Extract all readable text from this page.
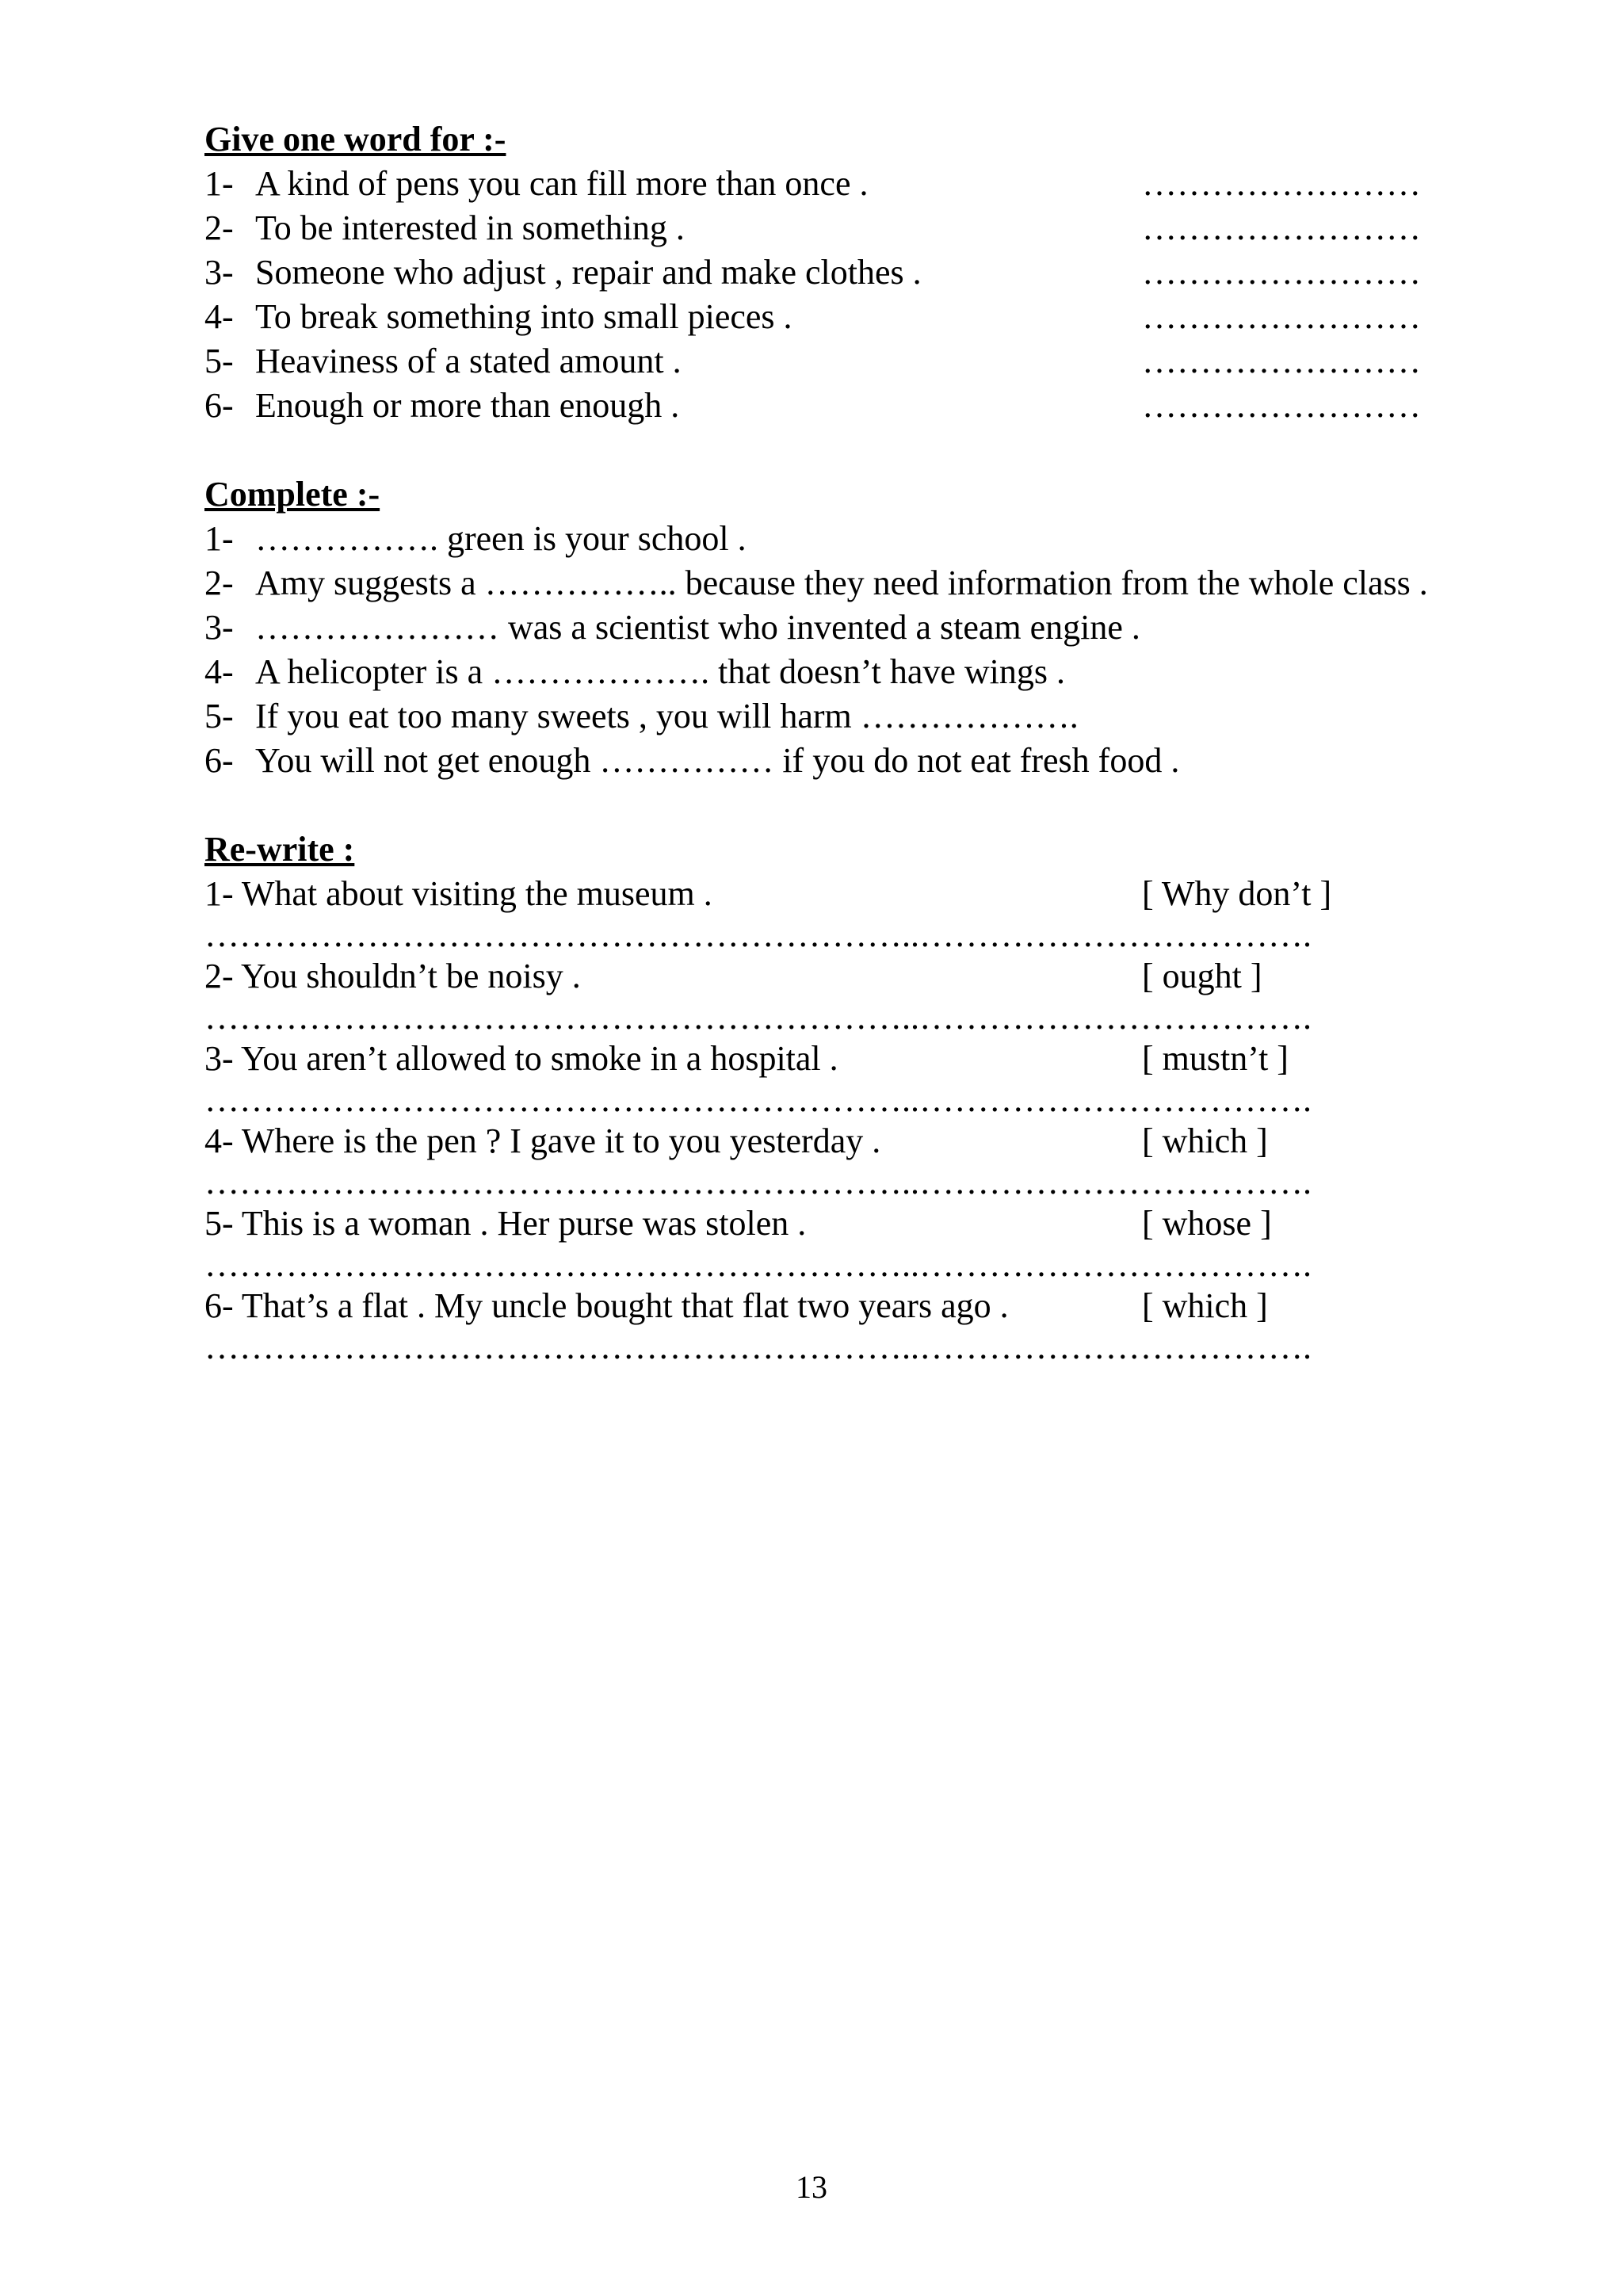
Give one word for :-
1- A kind of pens you can fill more than once .	……………………
2- To be interested in something .	……………………
3- Someone who adjust , repair and make clothes .	……………………
4- To break something into small pieces .	……………………
5- Heaviness of a stated amount .	……………………
6- Enough or more than enough .	……………………
Complete :-
1- ……………. green is your school .
2- Amy suggests a …………….. because they need information from the whole class .
3- ………………… was a scientist who invented a steam engine .
4- A helicopter is a ………………. that doesn’t have wings .
5- If you eat too many sweets , you will harm ……………….
6- You will not get enough …………… if you do not eat fresh food .
Re-write :
1- What about visiting the museum .	[ Why don’t ]
……………………………………………………..…………………………….
2- You shouldn’t be noisy .	[ ought ]
……………………………………………………..…………………………….
3- You aren’t allowed to smoke in a hospital .	[ mustn’t ]
……………………………………………………..…………………………….
4- Where is the pen ? I gave it to you yesterday .	[ which ]
……………………………………………………..…………………………….
5- This is a woman . Her purse was stolen .	[ whose ]
……………………………………………………..…………………………….
6- That’s a flat . My uncle bought that flat two years ago .	[ which ]
……………………………………………………..…………………………….
13
